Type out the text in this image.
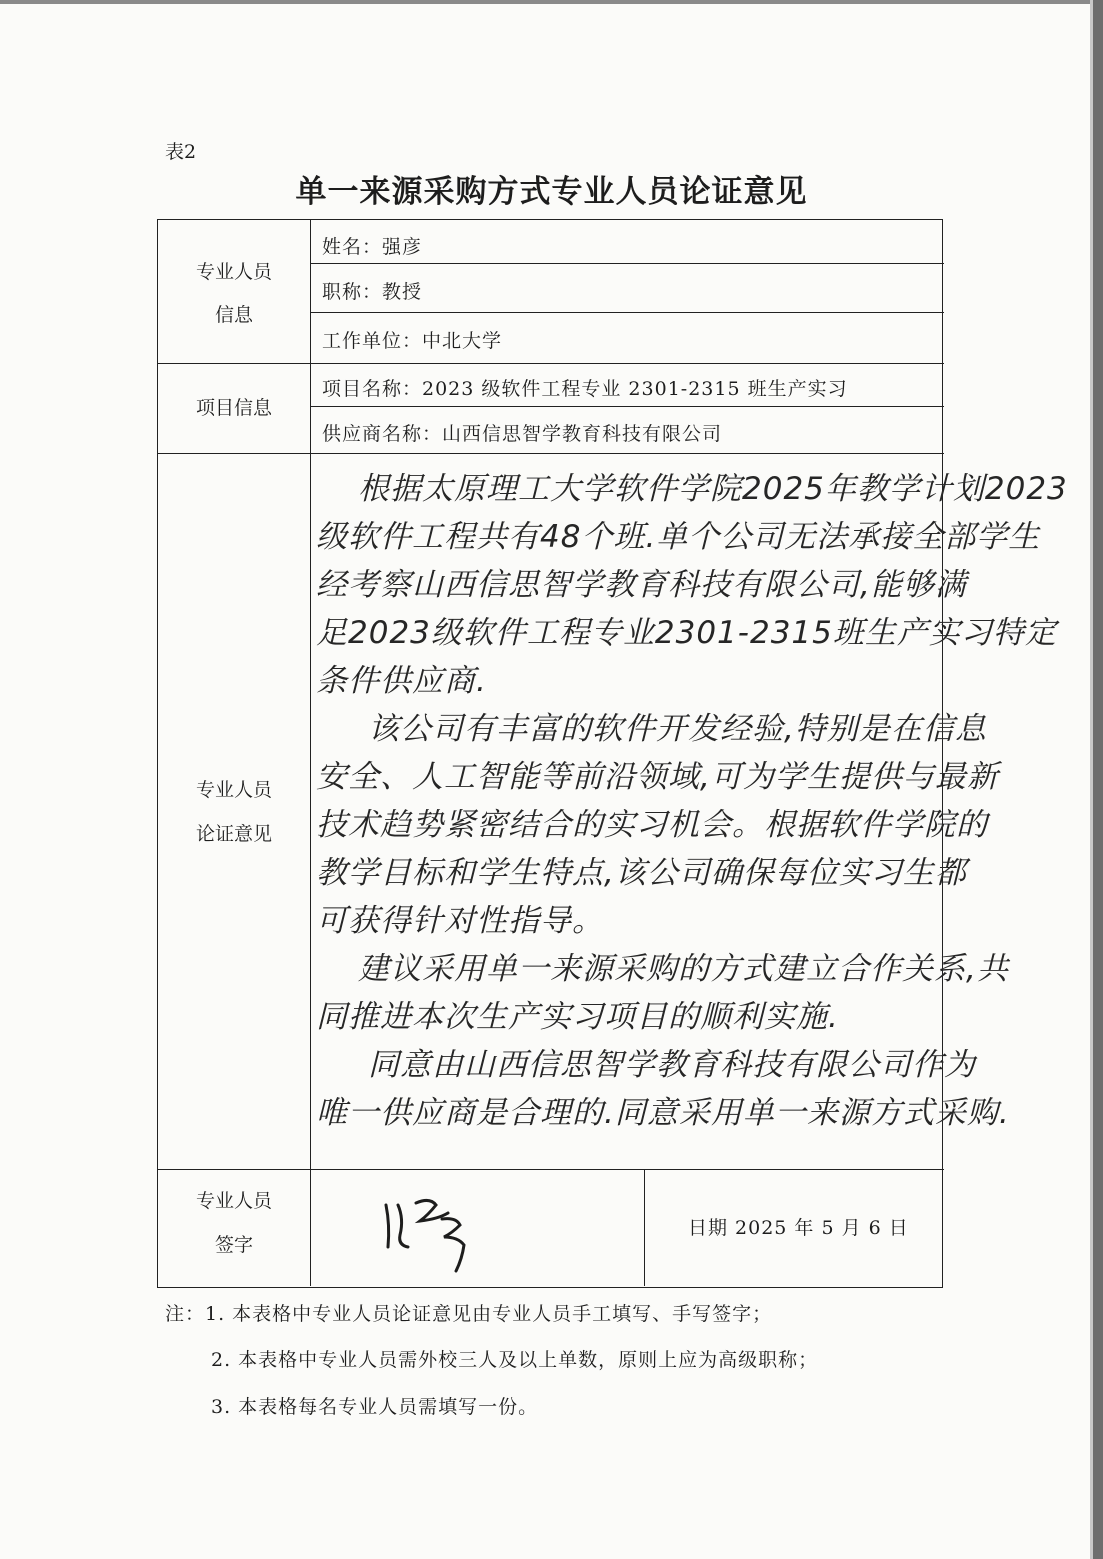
表2
单一来源采购方式专业人员论证意见
专业人员
信息
姓名：强彦
职称：教授
工作单位：中北大学
项目信息
项目名称：2023 级软件工程专业 2301-2315 班生产实习
供应商名称：山西信思智学教育科技有限公司
专业人员
论证意见
根据太原理工大学软件学院2025年教学计划2023
级软件工程共有48个班.单个公司无法承接全部学生
经考察山西信思智学教育科技有限公司,能够满
足2023级软件工程专业2301-2315班生产实习特定
条件供应商.
该公司有丰富的软件开发经验,特别是在信息
安全、人工智能等前沿领域,可为学生提供与最新
技术趋势紧密结合的实习机会。根据软件学院的
教学目标和学生特点,该公司确保每位实习生都
可获得针对性指导。
建议采用单一来源采购的方式建立合作关系,共
同推进本次生产实习项目的顺利实施.
同意由山西信思智学教育科技有限公司作为
唯一供应商是合理的.同意采用单一来源方式采购.
专业人员
签字
日期 2025 年 5 月 6 日
注：1. 本表格中专业人员论证意见由专业人员手工填写、手写签字；
2. 本表格中专业人员需外校三人及以上单数，原则上应为高级职称；
3. 本表格每名专业人员需填写一份。
